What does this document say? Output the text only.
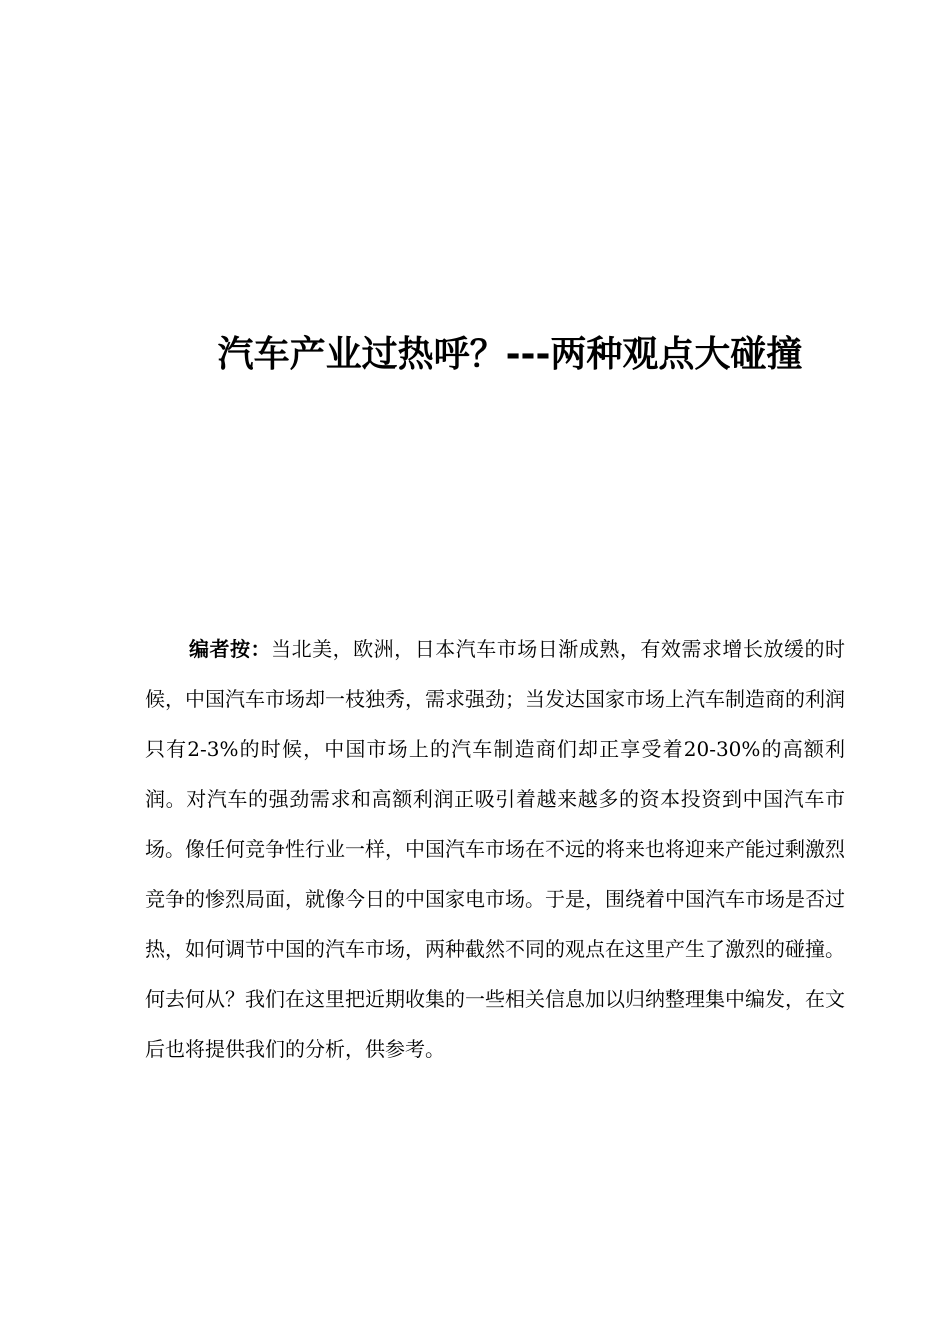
汽车产业过热呼？---两种观点大碰撞

编者按：当北美，欧洲，日本汽车市场日渐成熟，有效需求增长放缓的时候，中国汽车市场却一枝独秀，需求强劲；当发达国家市场上汽车制造商的利润只有2-3%的时候，中国市场上的汽车制造商们却正享受着20-30%的高额利润。对汽车的强劲需求和高额利润正吸引着越来越多的资本投资到中国汽车市场。像任何竞争性行业一样，中国汽车市场在不远的将来也将迎来产能过剩激烈竞争的惨烈局面，就像今日的中国家电市场。于是，围绕着中国汽车市场是否过热，如何调节中国的汽车市场，两种截然不同的观点在这里产生了激烈的碰撞。何去何从？我们在这里把近期收集的一些相关信息加以归纳整理集中编发，在文后也将提供我们的分析，供参考。
